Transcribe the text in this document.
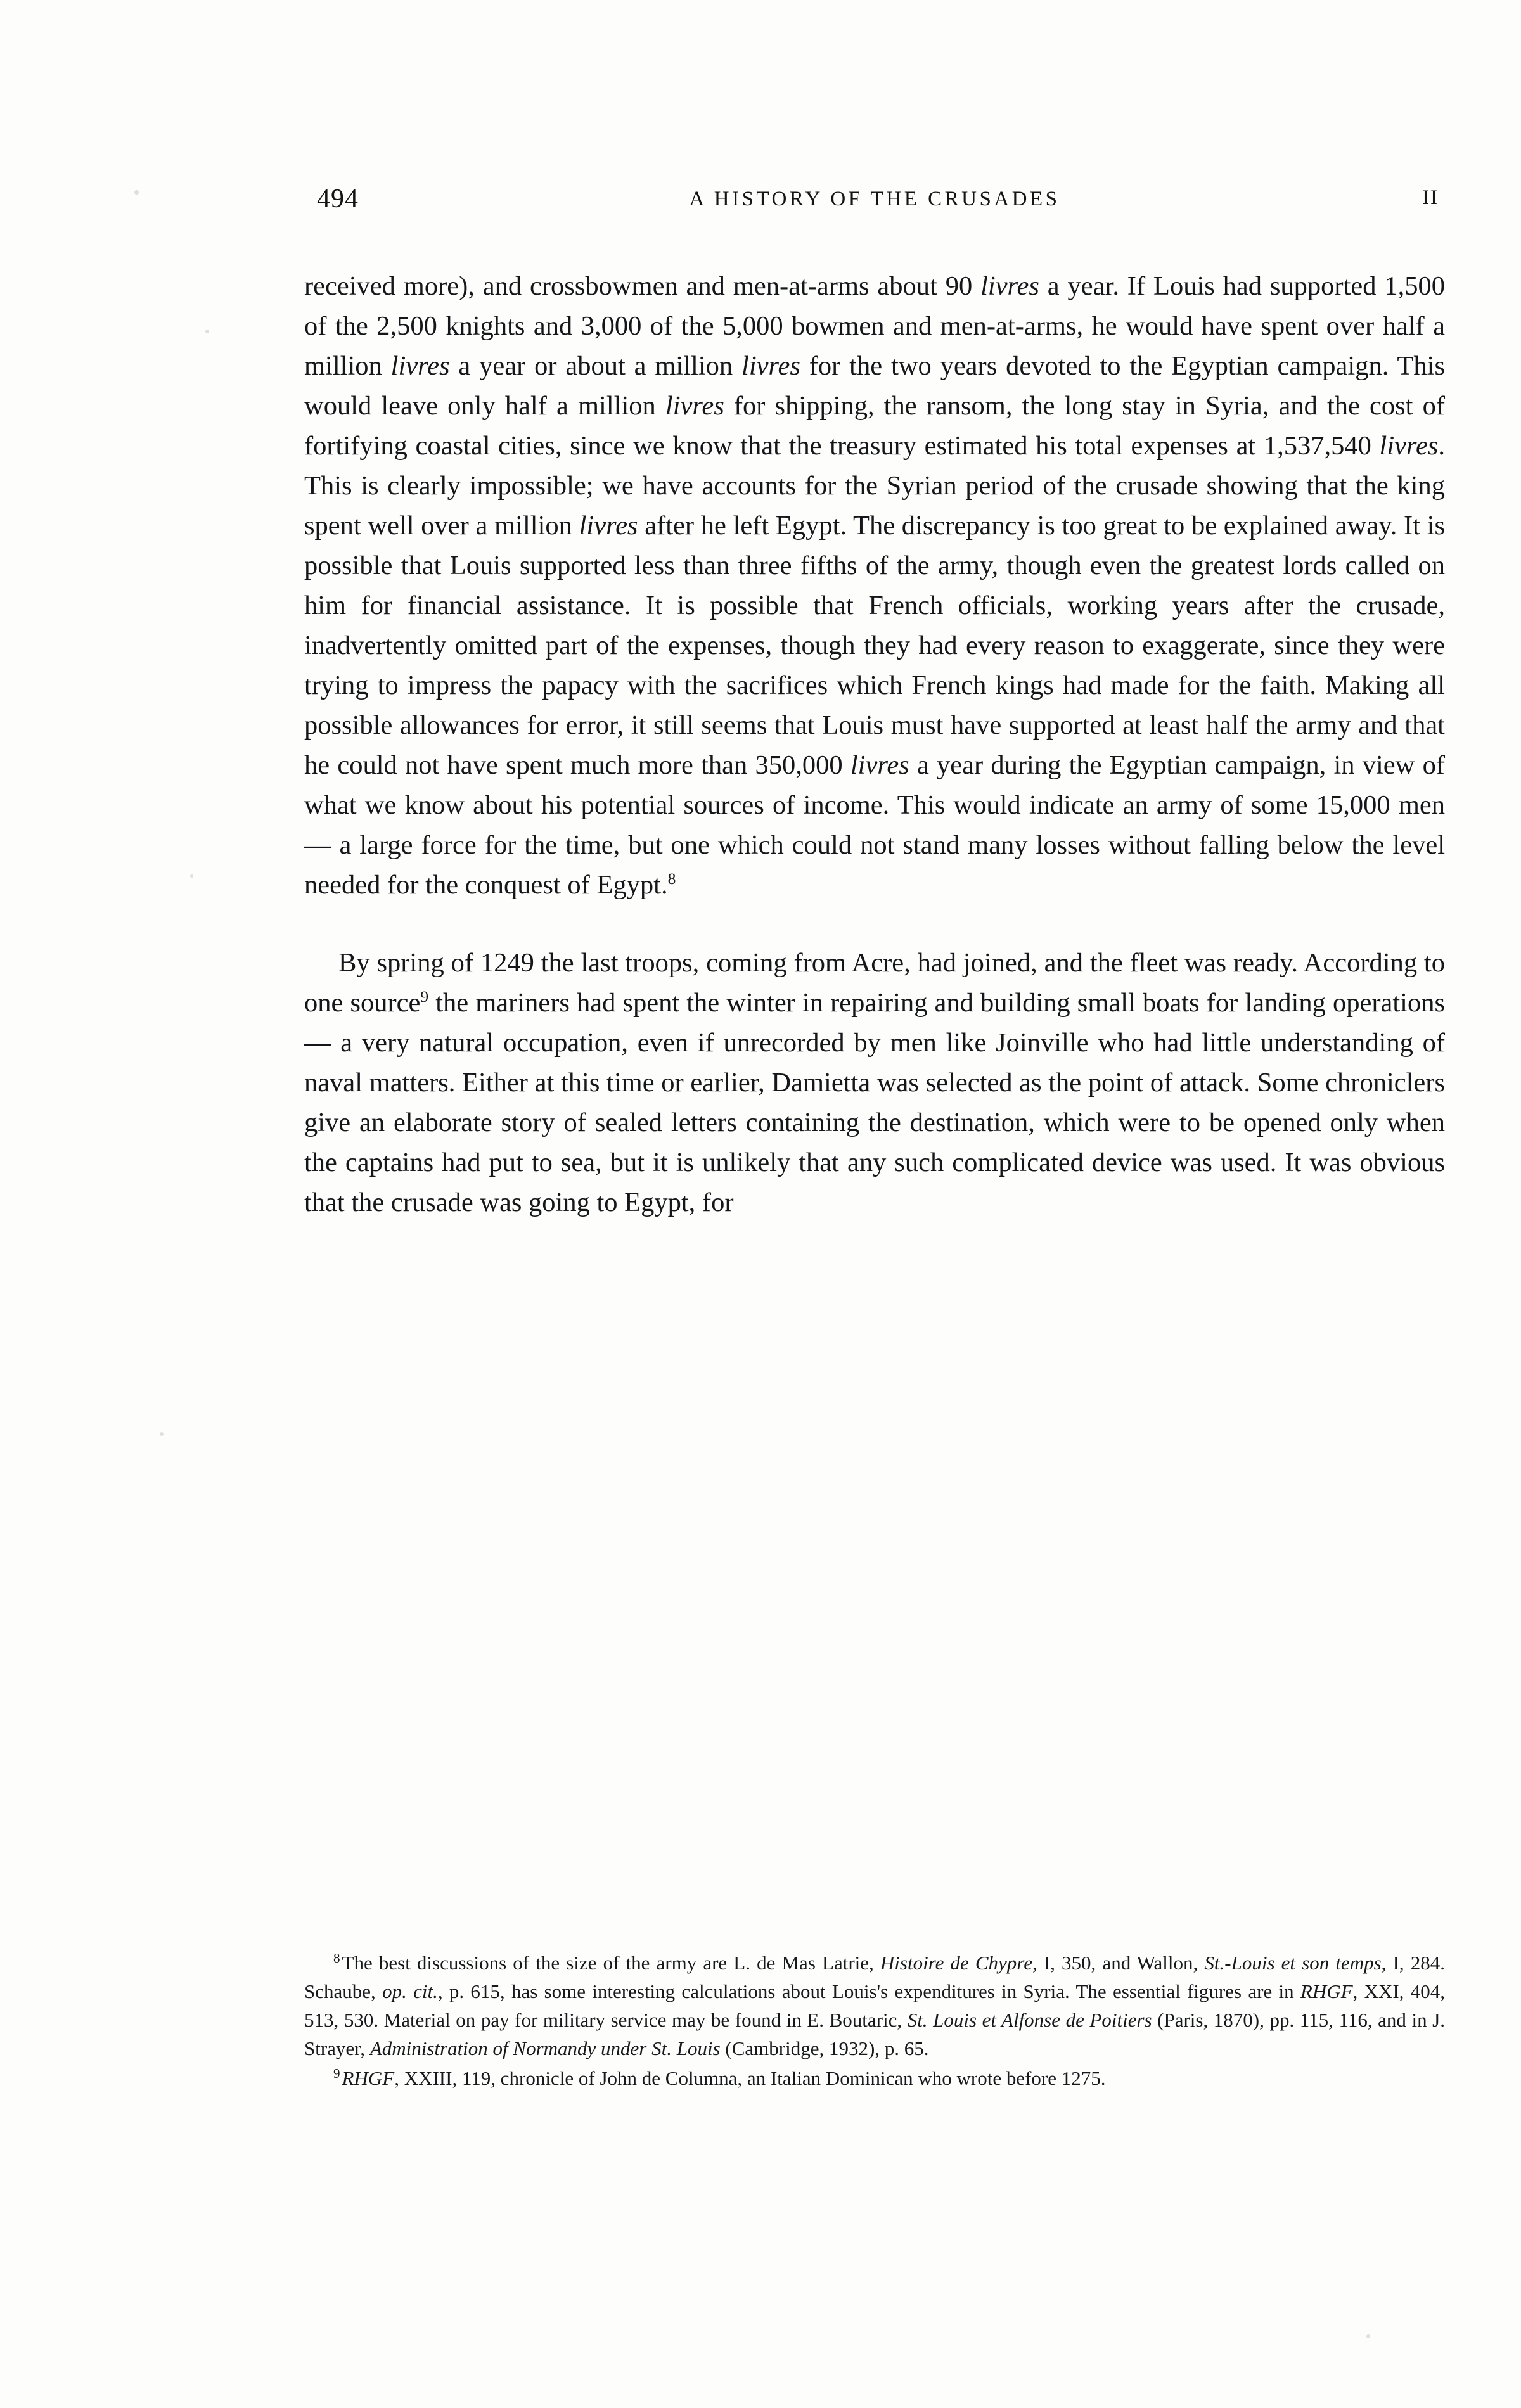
494	A HISTORY OF THE CRUSADES	II

received more), and crossbowmen and men-at-arms about 90 livres a year. If Louis had supported 1,500 of the 2,500 knights and 3,000 of the 5,000 bowmen and men-at-arms, he would have spent over half a million livres a year or about a million livres for the two years devoted to the Egyptian campaign. This would leave only half a million livres for shipping, the ransom, the long stay in Syria, and the cost of fortifying coastal cities, since we know that the treasury estimated his total expenses at 1,537,540 livres. This is clearly impossible; we have accounts for the Syrian period of the crusade showing that the king spent well over a million livres after he left Egypt. The discrepancy is too great to be explained away. It is possible that Louis supported less than three fifths of the army, though even the greatest lords called on him for financial assistance. It is possible that French officials, working years after the crusade, inadvertently omitted part of the expenses, though they had every reason to exaggerate, since they were trying to impress the papacy with the sacrifices which French kings had made for the faith. Making all possible allowances for error, it still seems that Louis must have supported at least half the army and that he could not have spent much more than 350,000 livres a year during the Egyptian campaign, in view of what we know about his potential sources of income. This would indicate an army of some 15,000 men — a large force for the time, but one which could not stand many losses without falling below the level needed for the conquest of Egypt.$^8$

By spring of 1249 the last troops, coming from Acre, had joined, and the fleet was ready. According to one source$^9$ the mariners had spent the winter in repairing and building small boats for landing operations — a very natural occupation, even if unrecorded by men like Joinville who had little understanding of naval matters. Either at this time or earlier, Damietta was selected as the point of attack. Some chroniclers give an elaborate story of sealed letters containing the destination, which were to be opened only when the captains had put to sea, but it is unlikely that any such complicated device was used. It was obvious that the crusade was going to Egypt, for

$^8$The best discussions of the size of the army are L. de Mas Latrie, Histoire de Chypre, I, 350, and Wallon, St.-Louis et son temps, I, 284. Schaube, op. cit., p. 615, has some interesting calculations about Louis's expenditures in Syria. The essential figures are in RHGF, XXI, 404, 513, 530. Material on pay for military service may be found in E. Boutaric, St. Louis et Alfonse de Poitiers (Paris, 1870), pp. 115, 116, and in J. Strayer, Administration of Normandy under St. Louis (Cambridge, 1932), p. 65.

$^9$RHGF, XXIII, 119, chronicle of John de Columna, an Italian Dominican who wrote before 1275.
